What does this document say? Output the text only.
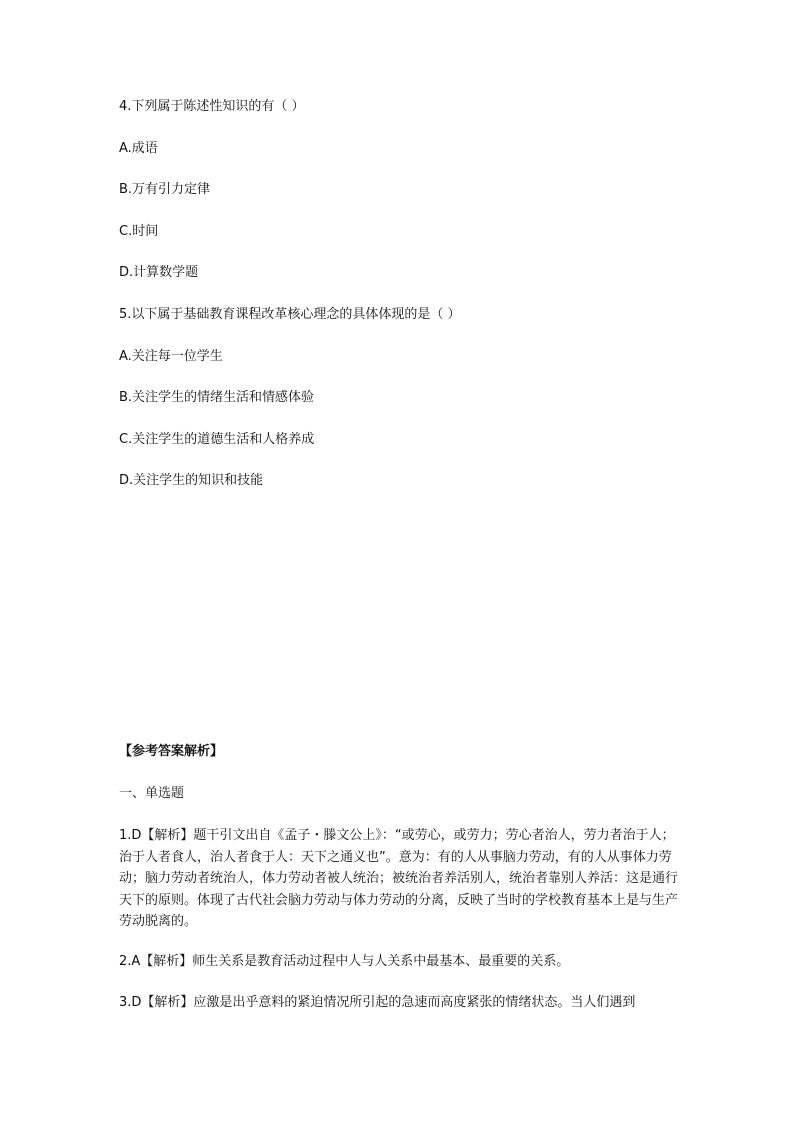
4.下列属于陈述性知识的有（ ）
A.成语
B.万有引力定律
C.时间
D.计算数学题
5.以下属于基础教育课程改革核心理念的具体体现的是（ ）
A.关注每一位学生
B.关注学生的情绪生活和情感体验
C.关注学生的道德生活和人格养成
D.关注学生的知识和技能
【参考答案解析】
一、单选题
1.D【解析】题干引文出自《孟子・滕文公上》：“或劳心，或劳力；劳心者治人，劳力者治于人；治于人者食人，治人者食于人：天下之通义也”。意为：有的人从事脑力劳动，有的人从事体力劳动；脑力劳动者统治人，体力劳动者被人统治；被统治者养活别人，统治者靠别人养活：这是通行天下的原则。体现了古代社会脑力劳动与体力劳动的分离，反映了当时的学校教育基本上是与生产劳动脱离的。
2.A【解析】师生关系是教育活动过程中人与人关系中最基本、最重要的关系。
3.D【解析】应激是出乎意料的紧迫情况所引起的急速而高度紧张的情绪状态。当人们遇到
